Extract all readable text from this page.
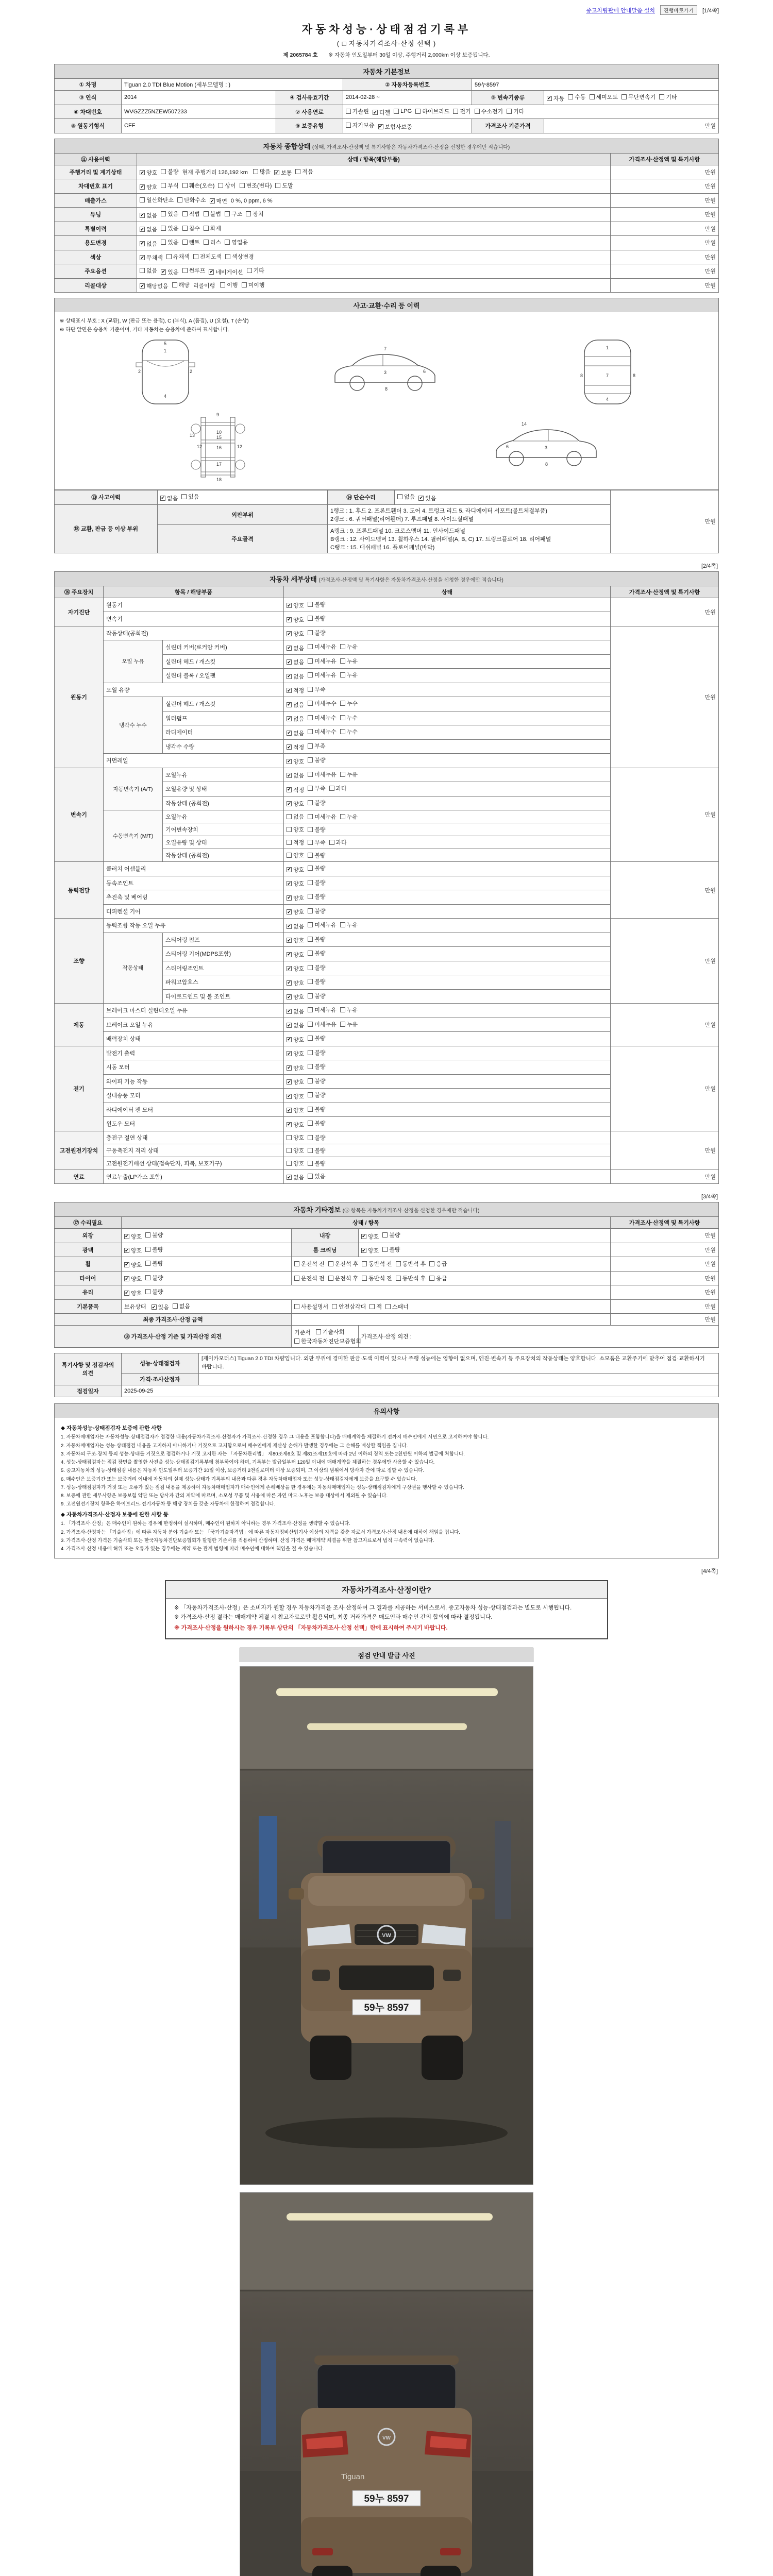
중고차량판매 안내말씀 설치	진행바로가기	[1/4쪽]
자동차성능·상태점검기록부
( □ 자동차가격조사·산정 선택 )
제 2065784 호 ※ 자동차 인도일부터 30일 이상, 주행거리 2,000km 이상 보증됩니다.
자동차 기본정보
① 차명	Tiguan 2.0 TDI Blue Motion (세부모델명 : )		② 자동차등록번호	59누8597	
③ 연식	2014	④ 검사유효기간	2014-02-28 ~	⑤ 변속기종류	✔ 자동 수동 세미오토 무단변속기 기타

⑥ 차대번호	WVGZZZ5NZEW507233	⑦ 사용연료	가솔린 ✔ 디젤 LPG 하이브리드 전기 수소전기 기타

⑧ 원동기형식	CFF	⑨ 보증유형	자가보증 ✔ 보험사보증	가격조사 기준가격	만원
자동차 종합상태 (상태, 가격조사·산정액 및 특기사항은 자동차가격조사·산정을 신청한 경우에만 적습니다)
⑪ 사용이력	상태 / 항목(해당부품)	가격조사·산정액 및 특기사항
주행거리 및 계기상태	✔ 양호 불량 현재 주행거리 126,192 km 많음 ✔ 보통 적음	만원
차대번호 표기	✔ 양호 부식 훼손(오손) 상이 변조(변타) 도말	만원
배출가스	일산화탄소 탄화수소 ✔ 매연 0 %, 0 ppm, 6 %	만원
튜닝	✔ 없음 있음 적법 불법 구조 장치	만원
특별이력	✔ 없음 있음 침수 화재	만원
용도변경	✔ 없음 있음 렌트 리스 영업용	만원
색상	✔ 무채색 유채색 전체도색 색상변경	만원
주요옵션	없음 ✔ 있음 썬루프 ✔ 네비게이션 기타	만원
리콜대상	✔ 해당없음 해당 리콜이행 이행 미이행	만원
사고·교환·수리 등 이력
※ 상태표시 부호 : X (교환), W (판금 또는 용접), C (부식), A (흠집), U (요철), T (손상)
※ 하단 앞면은 승용차 기준이며, 기타 자동차는 승용차에 준하여 표시합니다.
1
2	2
5
4
3	6
8
7
7
1
4
8	8
9
10
12	12
13
16
17
18
15
3
6
8
14
⑬ 사고이력	✔ 없음 있음	⑭ 단순수리	없음 ✔ 있음	만원
⑮ 교환, 판금 등 이상 부위	외판부위	1랭크 : 1. 후드 2. 프론트휀더 3. 도어 4. 트렁크 리드 5. 라디에이터 서포트(볼트체결부품)
2랭크 : 6. 쿼터패널(리어휀더) 7. 루프패널 8. 사이드실패널		

	주요골격	A랭크 : 9. 프론트패널 10. 크로스멤버 11. 인사이드패널
B랭크 : 12. 사이드멤버 13. 휠하우스 14. 필러패널(A, B, C) 17. 트렁크플로어 18. 리어패널
C랭크 : 15. 대쉬패널 16. 플로어패널(바닥)		
[2/4쪽]
자동차 세부상태 (가격조사·산정액 및 특기사항은 자동차가격조사·산정을 신청한 경우에만 적습니다)
⑯ 주요장치	항목 / 해당부품		상태	가격조사·산정액 및 특기사항
자기진단	원동기		✔ 양호 불량	만원
	변속기		✔ 양호 불량	

원동기	작동상태(공회전)		✔ 양호 불량	만원
	오일 누유	실린더 커버(로커암 커버)	✔ 없음 미세누유 누유	

		실린더 헤드 / 개스킷	✔ 없음 미세누유 누유	

		실린더 블록 / 오일팬	✔ 없음 미세누유 누유	

	오일 유량		✔ 적정 부족	

	냉각수 누수	실린더 헤드 / 개스킷	✔ 없음 미세누수 누수	

		워터펌프	✔ 없음 미세누수 누수	

		라디에이터	✔ 없음 미세누수 누수	

		냉각수 수량	✔ 적정 부족	

	커먼레일		✔ 양호 불량	

변속기	자동변속기 (A/T)	오일누유	✔ 없음 미세누유 누유	만원
		오일유량 및 상태	✔ 적정 부족 과다	

		작동상태 (공회전)	✔ 양호 불량	

	수동변속기 (M/T)	오일누유	없음 미세누유 누유	

		기어변속장치	양호 불량	

		오일유량 및 상태	적정 부족 과다	

		작동상태 (공회전)	양호 불량	

동력전달	클러치 어셈블리		✔ 양호 불량	만원
	등속조인트		✔ 양호 불량	

	추진축 및 베어링		✔ 양호 불량	

	디퍼렌셜 기어		✔ 양호 불량	

조향	동력조향 작동 오일 누유		✔ 없음 미세누유 누유	만원
	작동상태	스티어링 펌프	✔ 양호 불량	

		스티어링 기어(MDPS포함)	✔ 양호 불량	

		스티어링조인트	✔ 양호 불량	

		파워고압호스	✔ 양호 불량	

		타이로드엔드 및 볼 조인트	✔ 양호 불량	

제동	브레이크 마스터 실린더오일 누유		✔ 없음 미세누유 누유	만원
	브레이크 오일 누유		✔ 없음 미세누유 누유	

	배력장치 상태		✔ 양호 불량	

전기	발전기 출력		✔ 양호 불량	만원
	시동 모터		✔ 양호 불량	

	와이퍼 기능 작동		✔ 양호 불량	

	실내송풍 모터		✔ 양호 불량	

	라디에이터 팬 모터		✔ 양호 불량	

	윈도우 모터		✔ 양호 불량	

고전원전기장치	충전구 절연 상태		양호 불량	만원
	구동축전지 격리 상태		양호 불량	

	고전원전기배선 상태(접속단자, 피복, 보호기구)		양호 불량	

연료	연료누출(LP가스 포함)		✔ 없음 있음	만원
[3/4쪽]
자동차 기타정보 (⑰ 항목은 자동차가격조사·산정을 신청한 경우에만 적습니다)
⑰ 수리필요	상태 / 항목			가격조사·산정액 및 특기사항
외장	✔ 양호 불량	내장	✔ 양호 불량	만원
광택	✔ 양호 불량	룸 크리닝	✔ 양호 불량	만원
휠	✔ 양호 불량	운전석 전 운전석 후 동반석 전 동반석 후 응급		만원
타이어	✔ 양호 불량	운전석 전 운전석 후 동반석 전 동반석 후 응급		만원
유리	✔ 양호 불량			만원
기본품목	보유상태 ✔ 있음 없음	사용설명서 안전삼각대 잭 스패너		만원
최종 가격조사·산정 금액				만원
⑱ 가격조사·산정 기준 및 가격산정 의견		기준서 기술사회
한국자동차진단보증협회	가격조사·산정 의견 :	
특기사항 및 점검자의 의견	성능·상태점검자	[제이카모터스] Tiguan 2.0 TDI 차량입니다. 외판 부위에 경미한 판금·도색 이력이 있으나 주행 성능에는 영향이 없으며, 엔진·변속기 등 주요장치의 작동상태는 양호합니다. 소모품은 교환주기에 맞추어 점검·교환하시기 바랍니다.
	가격·조사산정자	
점검일자	2025-09-25	
유의사항
◆ 자동차성능·상태점검자 보증에 관한 사항
1. 자동차매매업자는 자동차성능·상태점검자가 점검한 내용(자동차가격조사·산정자가 가격조사·산정한 경우 그 내용을 포함합니다)을 매매계약을 체결하기 전까지 매수인에게 서면으로 고지하여야 합니다.
2. 자동차매매업자는 성능·상태점검 내용을 고지하지 아니하거나 거짓으로 고지함으로써 매수인에게 재산상 손해가 발생한 경우에는 그 손해를 배상할 책임을 집니다.
3. 자동차의 구조·장치 등의 성능·상태를 거짓으로 점검하거나 거짓 고지한 자는 「자동차관리법」 제80조제6호 및 제81조제19호에 따라 2년 이하의 징역 또는 2천만원 이하의 벌금에 처합니다.
4. 성능·상태점검자는 점검 장면을 촬영한 사진을 성능·상태점검기록부에 첨부하여야 하며, 기록부는 발급일부터 120일 이내에 매매계약을 체결하는 경우에만 사용할 수 있습니다.
5. 중고자동차의 성능·상태점검 내용은 자동차 인도일부터 보증기간 30일 이상, 보증거리 2천킬로미터 이상 보증되며, 그 이상의 범위에서 당사자 간에 따로 정할 수 있습니다.
6. 매수인은 보증기간 또는 보증거리 이내에 자동차의 실제 성능·상태가 기록부의 내용과 다른 경우 자동차매매업자 또는 성능·상태점검자에게 보증을 요구할 수 있습니다.
7. 성능·상태점검자가 거짓 또는 오류가 있는 점검 내용을 제공하여 자동차매매업자가 매수인에게 손해배상을 한 경우에는 자동차매매업자는 성능·상태점검자에게 구상권을 행사할 수 있습니다.
8. 보증에 관한 세부사항은 보증보험 약관 또는 당사자 간의 계약에 따르며, 소모성 부품 및 사용에 따른 자연 마모·노후는 보증 대상에서 제외될 수 있습니다.
9. 고전원전기장치 항목은 하이브리드·전기자동차 등 해당 장치를 갖춘 자동차에 한정하여 점검합니다.
◆ 자동차가격조사·산정자 보증에 관한 사항 등
1. 「가격조사·산정」은 매수인이 원하는 경우에 한정하여 실시하며, 매수인이 원하지 아니하는 경우 가격조사·산정을 생략할 수 있습니다.
2. 가격조사·산정자는 「기술사법」에 따른 자동차 분야 기술사 또는 「국가기술자격법」에 따른 자동차정비산업기사 이상의 자격을 갖춘 자로서 가격조사·산정 내용에 대하여 책임을 집니다.
3. 가격조사·산정 가격은 기술사회 또는 한국자동차진단보증협회가 발행한 기준서를 적용하여 산정하며, 산정 가격은 매매계약 체결을 위한 참고자료로서 법적 구속력이 없습니다.
4. 가격조사·산정 내용에 허위 또는 오류가 있는 경우에는 계약 또는 관계 법령에 따라 매수인에 대하여 책임을 질 수 있습니다.
[4/4쪽]
자동차가격조사·산정이란?
※ 「자동차가격조사·산정」은 소비자가 원할 경우 자동차가격을 조사·산정하여 그 결과를 제공하는 서비스로서, 중고자동차 성능·상태점검과는 별도로 시행됩니다.
※ 가격조사·산정 결과는 매매계약 체결 시 참고자료로만 활용되며, 최종 거래가격은 매도인과 매수인 간의 합의에 따라 결정됩니다.
※ 가격조사·산정을 원하시는 경우 기록부 상단의 「자동차가격조사·산정 선택」란에 표시하여 주시기 바랍니다.
점검 안내 발급 사진
VW
59누 8597
VW
Tiguan
59누 8597
